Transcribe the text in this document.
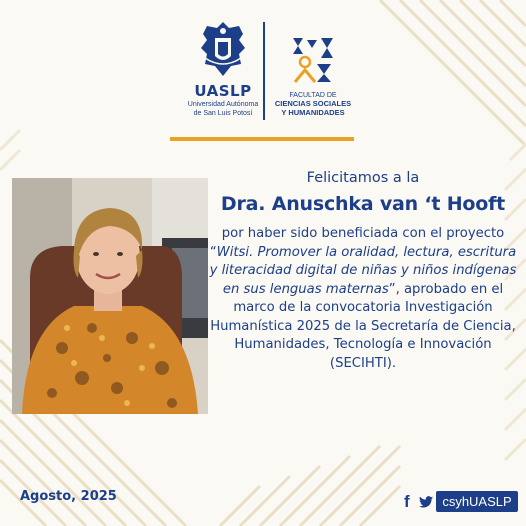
UASLP
Universidad Autónoma
de San Luis Potosí
FACULTAD DE
CIENCIAS SOCIALES
Y HUMANIDADES
Felicitamos a la
Dra. Anuschka van ‘t Hooft
por haber sido beneficiada con el proyecto “Witsi. Promover la oralidad, lectura, escritura y literacidad digital de niñas y niños indígenas en sus lenguas maternas”, aprobado en el marco de la convocatoria Investigación Humanística 2025 de la Secretaría de Ciencia, Humanidades, Tecnología e Innovación (SECIHTI).
Agosto, 2025	f	csyhUASLP
